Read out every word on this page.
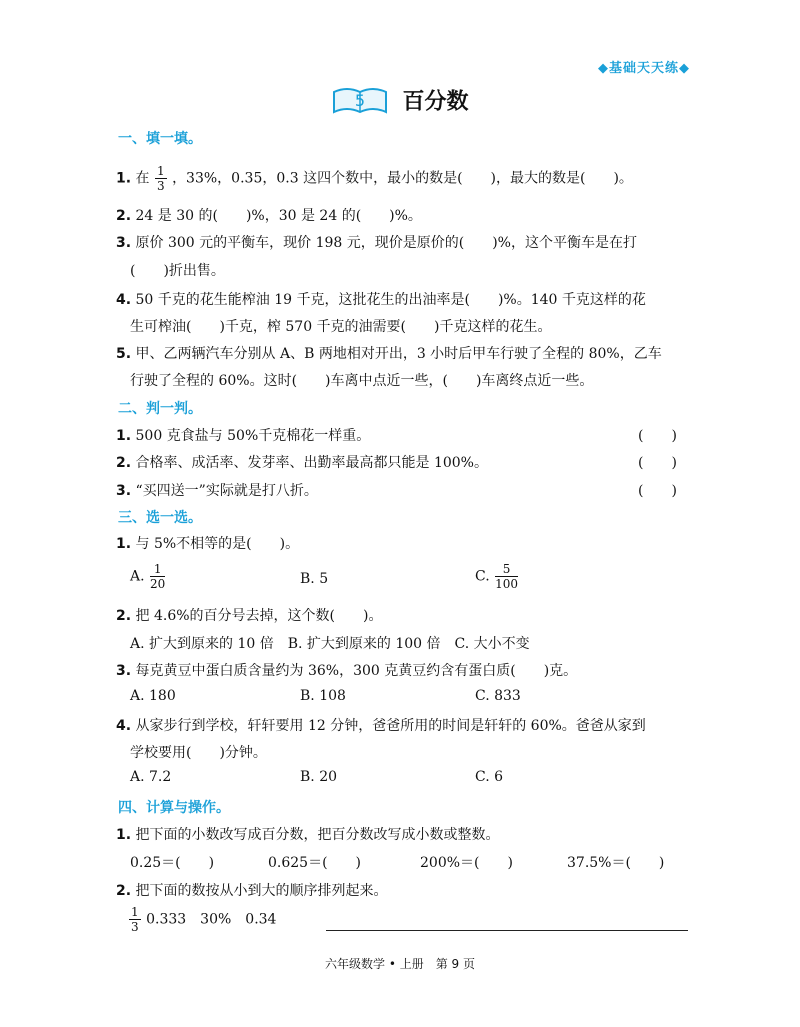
◆基础天天练◆
5 百分数
一、填一填。
1. 在 $\frac{1}{3}$ ，33%，0.35，0.3 这四个数中，最小的数是(　　)，最大的数是(　　)。
2. 24 是 30 的(　　)%，30 是 24 的(　　)%。
3. 原价 300 元的平衡车，现价 198 元，现价是原价的(　　)%，这个平衡车是在打
(　　)折出售。
4. 50 千克的花生能榨油 19 千克，这批花生的出油率是(　　)%。140 千克这样的花
生可榨油(　　)千克，榨 570 千克的油需要(　　)千克这样的花生。
5. 甲、乙两辆汽车分别从 A、B 两地相对开出，3 小时后甲车行驶了全程的 80%，乙车
行驶了全程的 60%。这时(　　)车离中点近一些，(　　)车离终点近一些。
二、判一判。
1. 500 克食盐与 50%千克棉花一样重。	(　　)
2. 合格率、成活率、发芽率、出勤率最高都只能是 100%。	(　　)
3. “买四送一”实际就是打八折。	(　　)
三、选一选。
1. 与 5%不相等的是(　　)。
A. $\frac{1}{20}$	B. 5	C. $\frac{5}{100}$
2. 把 4.6%的百分号去掉，这个数(　　)。
A. 扩大到原来的 10 倍　B. 扩大到原来的 100 倍　C. 大小不变
3. 每克黄豆中蛋白质含量约为 36%，300 克黄豆约含有蛋白质(　　)克。
A. 180	B. 108	C. 833
4. 从家步行到学校，轩轩要用 12 分钟，爸爸所用的时间是轩轩的 60%。爸爸从家到
学校要用(　　)分钟。
A. 7.2	B. 20	C. 6
四、计算与操作。
1. 把下面的小数改写成百分数，把百分数改写成小数或整数。
0.25＝(　　)	0.625＝(　　)	200%＝(　　)	37.5%＝(　　)
2. 把下面的数按从小到大的顺序排列起来。
$\frac{1}{3} 0.333$　30%　0.34
六年级数学 • 上册　第 9 页
